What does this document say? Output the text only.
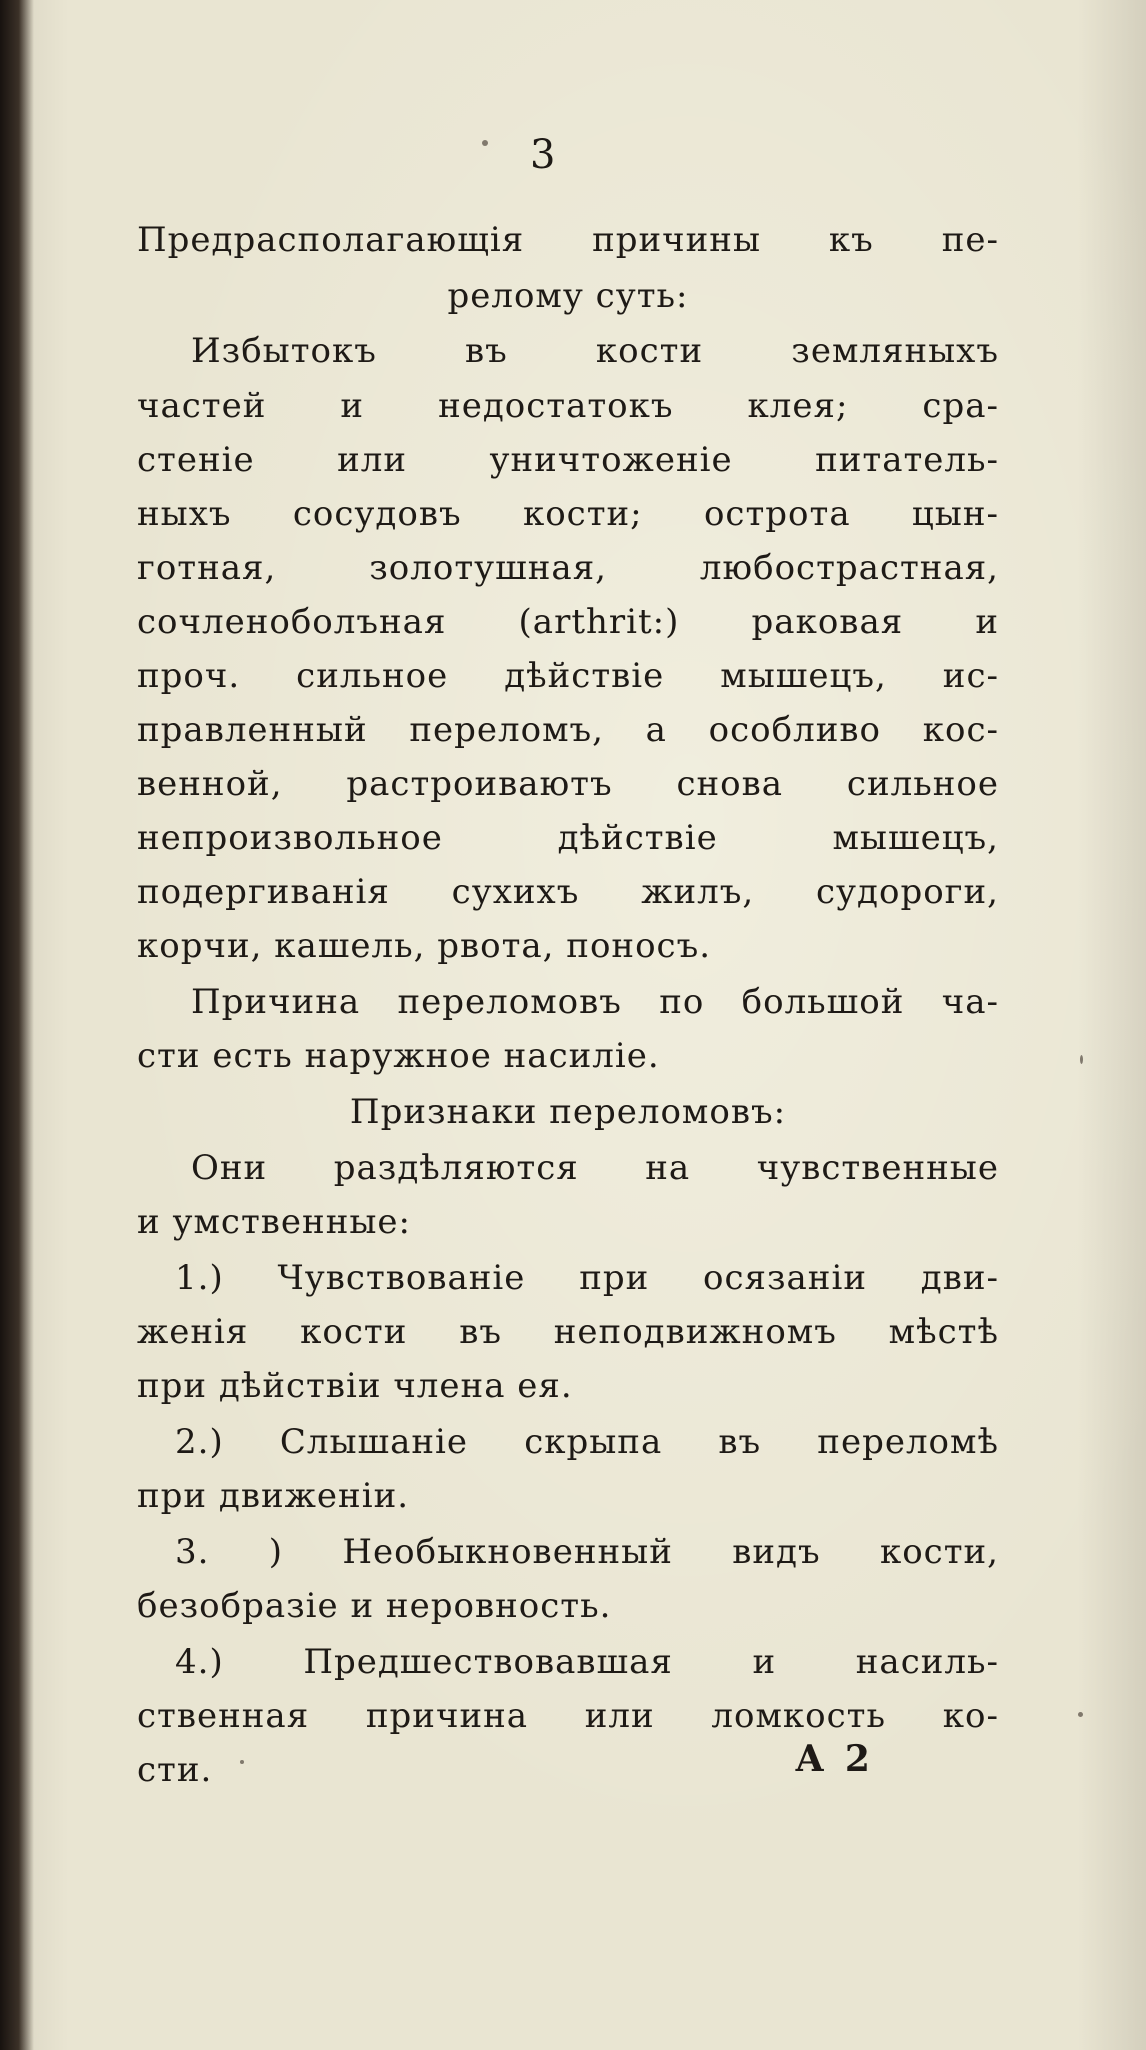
3
Предрасполагающія причины къ пе-
релому суть:
Избытокъ	въ	кости	земляныхъ
частей и недостатокъ клея; сра-
стеніе или уничтоженіе питатель-
ныхъ сосудовъ кости; острота цын-
готная,	золотушная,	любострастная,
сочленоболъная (arthrit:) раковая и
проч. сильное дѣйствіе мышецъ, ис-
правленный переломъ, а особливо кос-
венной, растроиваютъ снова сильное
непроизвольное	дѣйствіе	мышецъ,
подергиванія сухихъ жилъ, судороги,
корчи, кашель, рвота, поносъ.
Причина переломовъ по большой ча-
сти есть наружное насиліе.
Признаки переломовъ:
Они раздѣляются на чувственные
и умственные:
1.) Чувствованіе при осязаніи дви-
женія кости въ неподвижномъ мѣстѣ
при дѣйствіи члена ея.
2.) Слышаніе скрыпа въ переломѣ
при движеніи.
3. ) Необыкновенный видъ кости,
безобразіе и неровность.
4.) Предшествовавшая и насиль-
ственная причина или ломкость ко-
сти.	А 2
